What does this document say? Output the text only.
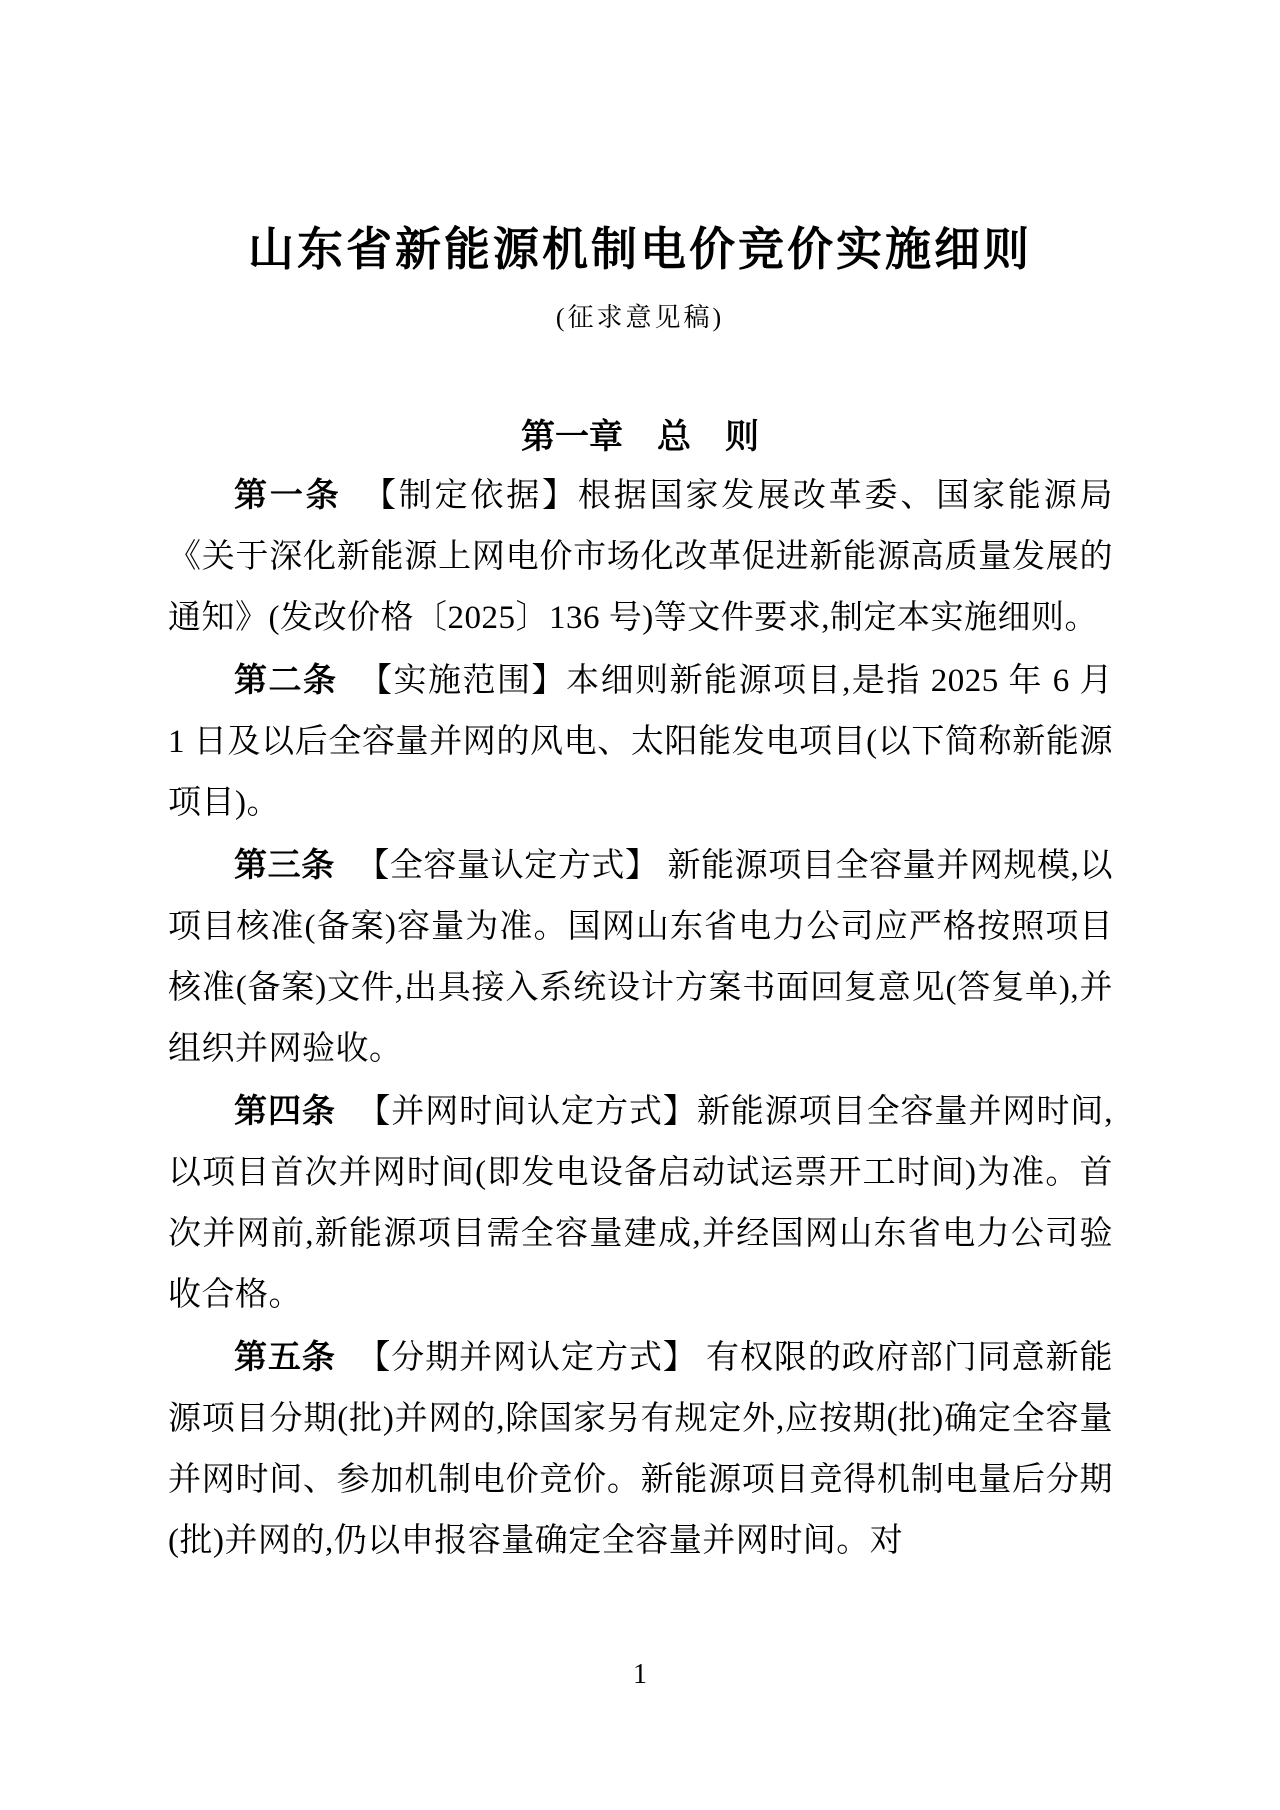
山东省新能源机制电价竞价实施细则
(征求意见稿)
第一章　总　则

第一条 【制定依据】根据国家发展改革委、国家能源局《关于深化新能源上网电价市场化改革促进新能源高质量发展的通知》(发改价格〔2025〕136 号)等文件要求,制定本实施细则。

第二条 【实施范围】本细则新能源项目,是指 2025 年 6 月 1 日及以后全容量并网的风电、太阳能发电项目(以下简称新能源项目)。

第三条 【全容量认定方式】 新能源项目全容量并网规模,以项目核准(备案)容量为准。国网山东省电力公司应严格按照项目核准(备案)文件,出具接入系统设计方案书面回复意见(答复单),并组织并网验收。

第四条 【并网时间认定方式】新能源项目全容量并网时间,以项目首次并网时间(即发电设备启动试运票开工时间)为准。首次并网前,新能源项目需全容量建成,并经国网山东省电力公司验收合格。

第五条 【分期并网认定方式】 有权限的政府部门同意新能源项目分期(批)并网的,除国家另有规定外,应按期(批)确定全容量并网时间、参加机制电价竞价。新能源项目竞得机制电量后分期(批)并网的,仍以申报容量确定全容量并网时间。对

1
